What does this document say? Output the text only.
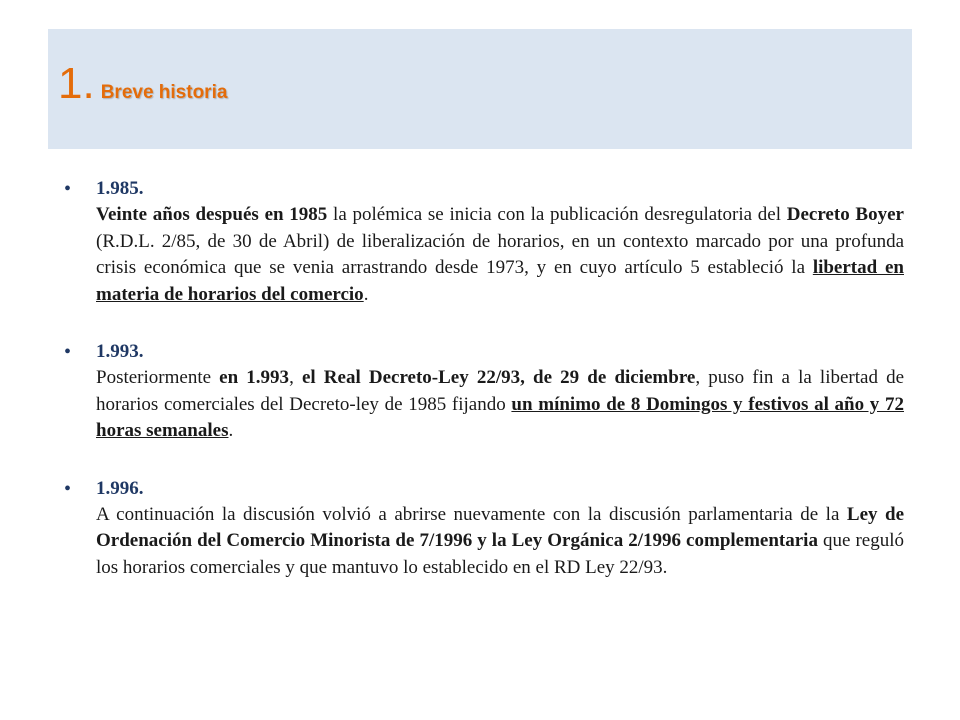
1. Breve historia
• 1.985.
Veinte años después en 1985 la polémica se inicia con la publicación desregulatoria del Decreto Boyer (R.D.L. 2/85, de 30 de Abril) de liberalización de horarios, en un contexto marcado por una profunda crisis económica que se venia arrastrando desde 1973, y en cuyo artículo 5 estableció la libertad en materia de horarios del comercio.
• 1.993.
Posteriormente en 1.993, el Real Decreto-Ley 22/93, de 29 de diciembre, puso fin a la libertad de horarios comerciales del Decreto-ley de 1985 fijando un mínimo de 8 Domingos y festivos al año y 72 horas semanales.
• 1.996.
A continuación la discusión volvió a abrirse nuevamente con la discusión parlamentaria de la Ley de Ordenación del Comercio Minorista de 7/1996 y la Ley Orgánica 2/1996 complementaria que reguló los horarios comerciales y que mantuvo lo establecido en el RD Ley 22/93.
